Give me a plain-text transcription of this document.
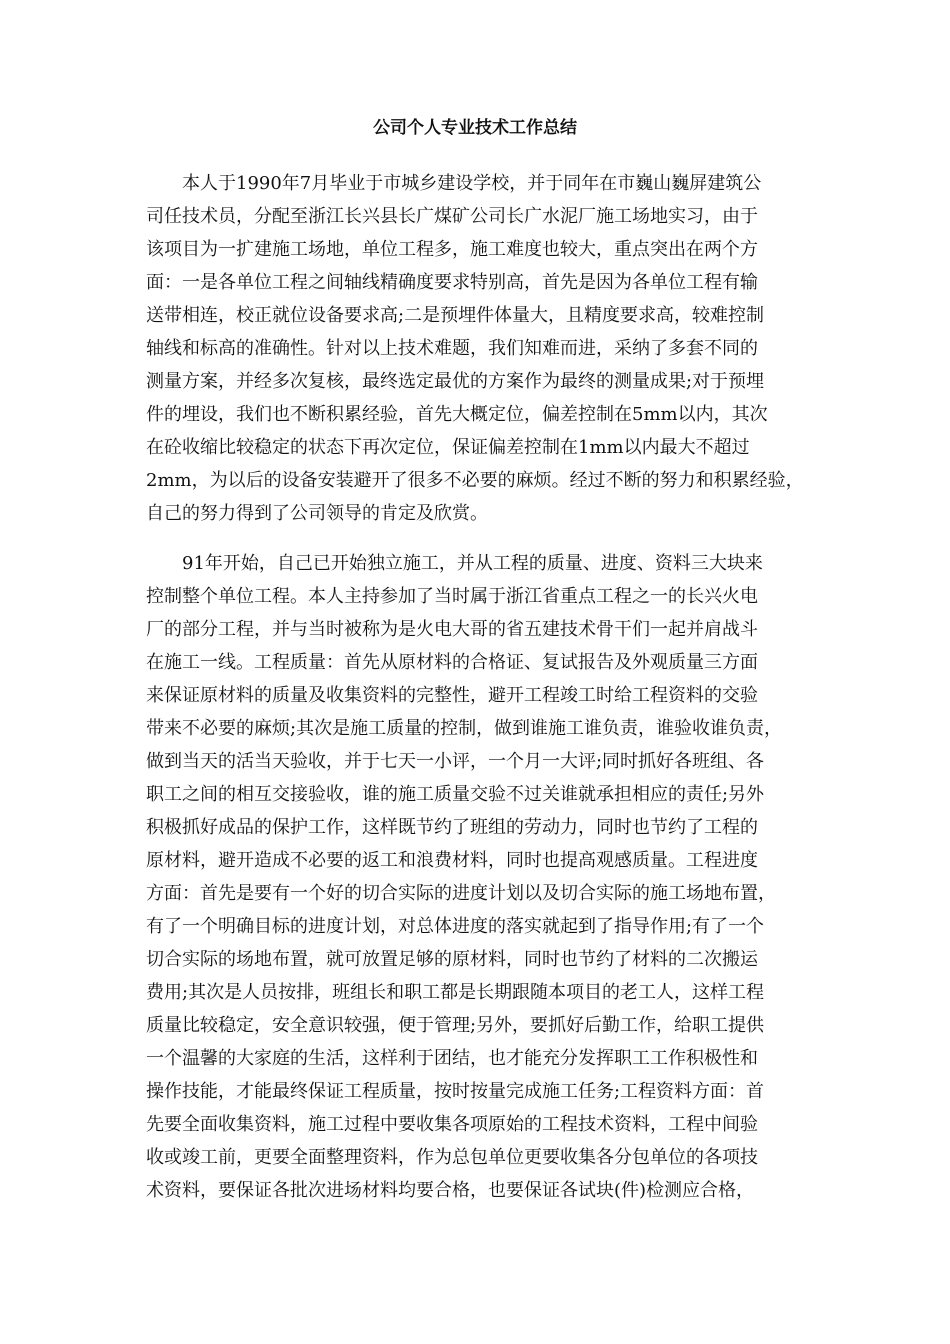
公司个人专业技术工作总结

　　本人于1990年7月毕业于市城乡建设学校，并于同年在市巍山巍屏建筑公

司任技术员，分配至浙江长兴县长广煤矿公司长广水泥厂施工场地实习，由于

该项目为一扩建施工场地，单位工程多，施工难度也较大，重点突出在两个方

面：一是各单位工程之间轴线精确度要求特别高，首先是因为各单位工程有输

送带相连，校正就位设备要求高;二是预埋件体量大，且精度要求高，较难控制

轴线和标高的准确性。针对以上技术难题，我们知难而进，采纳了多套不同的

测量方案，并经多次复核，最终选定最优的方案作为最终的测量成果;对于预埋

件的埋设，我们也不断积累经验，首先大概定位，偏差控制在5mm以内，其次

在砼收缩比较稳定的状态下再次定位，保证偏差控制在1mm以内最大不超过

2mm，为以后的设备安装避开了很多不必要的麻烦。经过不断的努力和积累经验，

自己的努力得到了公司领导的肯定及欣赏。

　　91年开始，自己已开始独立施工，并从工程的质量、进度、资料三大块来

控制整个单位工程。本人主持参加了当时属于浙江省重点工程之一的长兴火电

厂的部分工程，并与当时被称为是火电大哥的省五建技术骨干们一起并肩战斗

在施工一线。工程质量：首先从原材料的合格证、复试报告及外观质量三方面

来保证原材料的质量及收集资料的完整性，避开工程竣工时给工程资料的交验

带来不必要的麻烦;其次是施工质量的控制，做到谁施工谁负责，谁验收谁负责，

做到当天的活当天验收，并于七天一小评，一个月一大评;同时抓好各班组、各

职工之间的相互交接验收，谁的施工质量交验不过关谁就承担相应的责任;另外

积极抓好成品的保护工作，这样既节约了班组的劳动力，同时也节约了工程的

原材料，避开造成不必要的返工和浪费材料，同时也提高观感质量。工程进度

方面：首先是要有一个好的切合实际的进度计划以及切合实际的施工场地布置，

有了一个明确目标的进度计划，对总体进度的落实就起到了指导作用;有了一个

切合实际的场地布置，就可放置足够的原材料，同时也节约了材料的二次搬运

费用;其次是人员按排，班组长和职工都是长期跟随本项目的老工人，这样工程

质量比较稳定，安全意识较强，便于管理;另外，要抓好后勤工作，给职工提供

一个温馨的大家庭的生活，这样利于团结，也才能充分发挥职工工作积极性和

操作技能，才能最终保证工程质量，按时按量完成施工任务;工程资料方面：首

先要全面收集资料，施工过程中要收集各项原始的工程技术资料，工程中间验

收或竣工前，更要全面整理资料，作为总包单位更要收集各分包单位的各项技

术资料，要保证各批次进场材料均要合格，也要保证各试块(件)检测应合格，
